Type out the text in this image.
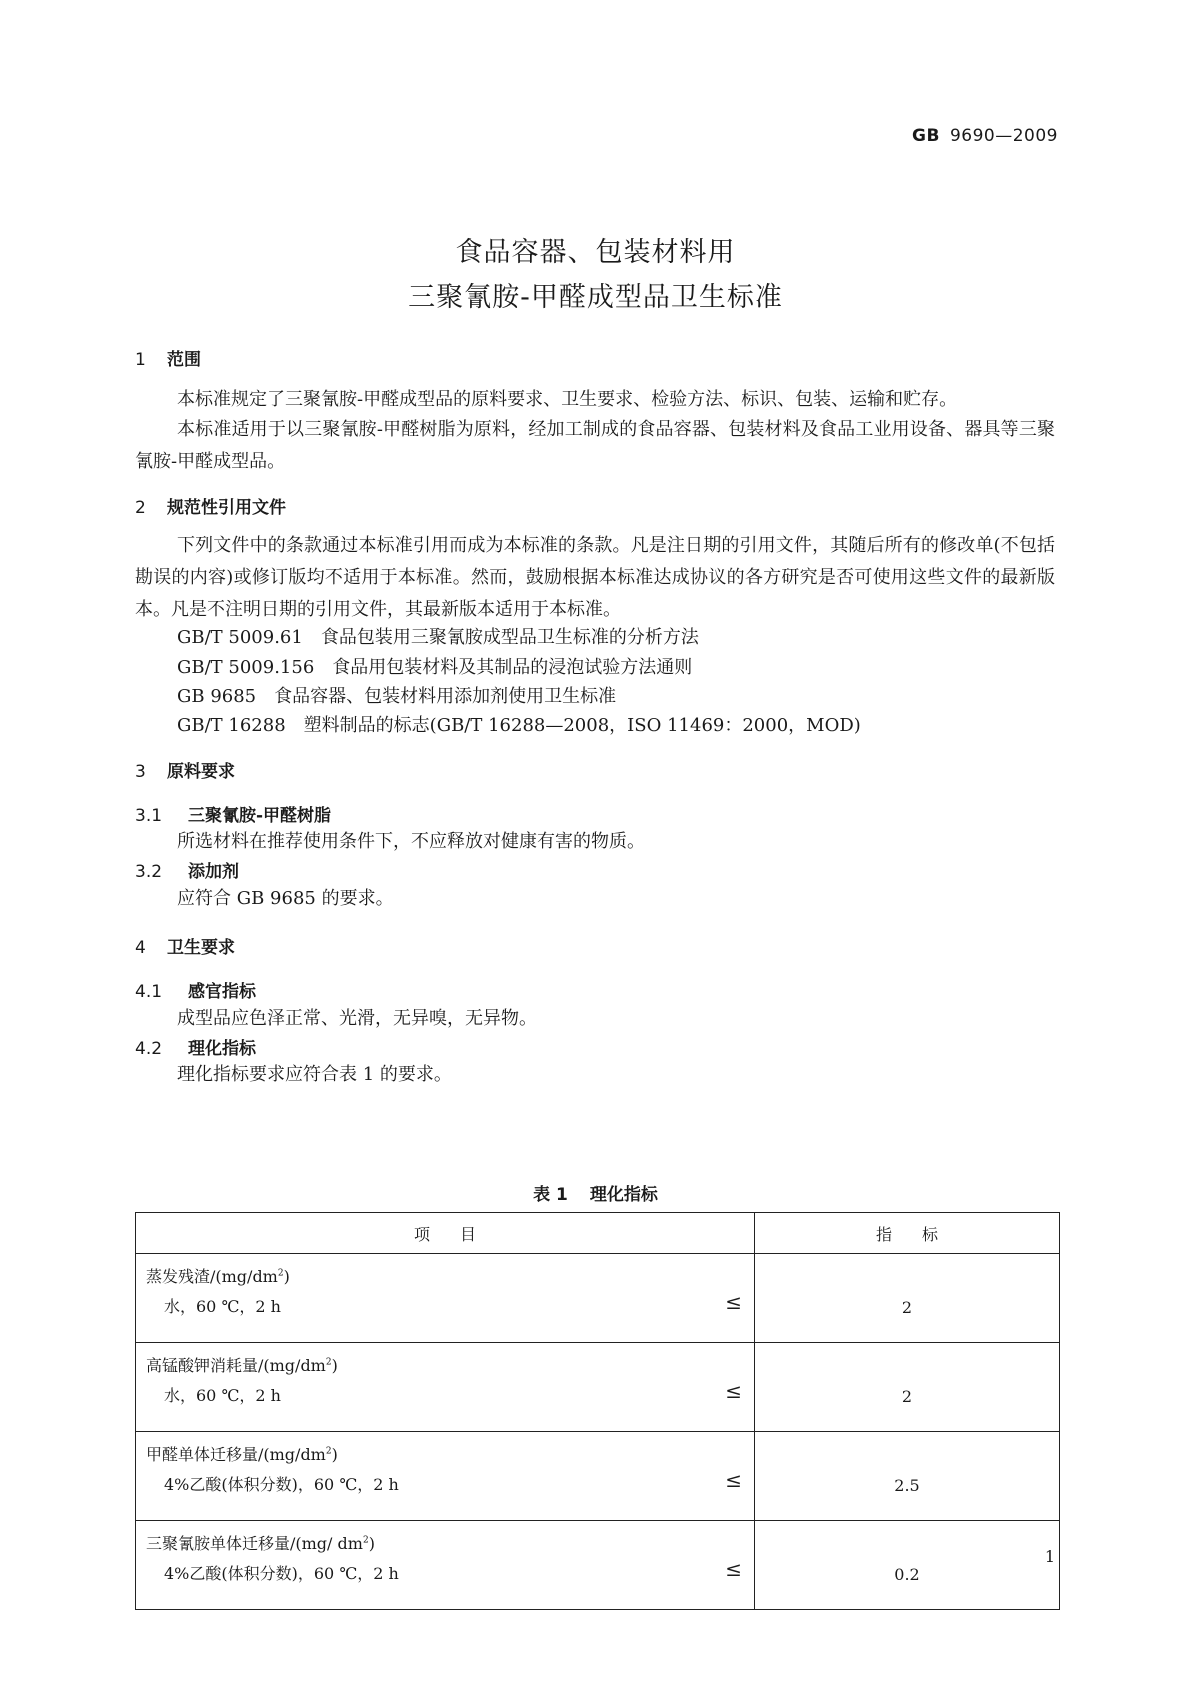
GB 9690—2009
食品容器、包装材料用
三聚氰胺-甲醛成型品卫生标准
1 范围
本标准规定了三聚氰胺-甲醛成型品的原料要求、卫生要求、检验方法、标识、包装、运输和贮存。
本标准适用于以三聚氰胺-甲醛树脂为原料，经加工制成的食品容器、包装材料及食品工业用设备、器具等三聚氰胺-甲醛成型品。
2 规范性引用文件
下列文件中的条款通过本标准引用而成为本标准的条款。凡是注日期的引用文件，其随后所有的修改单(不包括勘误的内容)或修订版均不适用于本标准。然而，鼓励根据本标准达成协议的各方研究是否可使用这些文件的最新版本。凡是不注明日期的引用文件，其最新版本适用于本标准。
GB/T 5009.61 食品包装用三聚氰胺成型品卫生标准的分析方法
GB/T 5009.156 食品用包装材料及其制品的浸泡试验方法通则
GB 9685 食品容器、包装材料用添加剂使用卫生标准
GB/T 16288 塑料制品的标志(GB/T 16288—2008，ISO 11469：2000，MOD)
3 原料要求
3.1 三聚氰胺-甲醛树脂
所选材料在推荐使用条件下，不应释放对健康有害的物质。
3.2 添加剂
应符合 GB 9685 的要求。
4 卫生要求
4.1 感官指标
成型品应色泽正常、光滑，无异嗅，无异物。
4.2 理化指标
理化指标要求应符合表 1 的要求。
表 1 理化指标
项目	指标

蒸发残渣$/(mg/dm^2)$
水，60 ℃，2 h ≤	2

高锰酸钾消耗量$/(mg/dm^2)$
水，60 ℃，2 h ≤	2

甲醛单体迁移量$/(mg/dm^2)$
4%乙酸(体积分数)，60 ℃，2 h ≤	2.5

三聚氰胺单体迁移量/(mg/ $dm^2$)
4%乙酸(体积分数)，60 ℃，2 h ≤	0.2
1
